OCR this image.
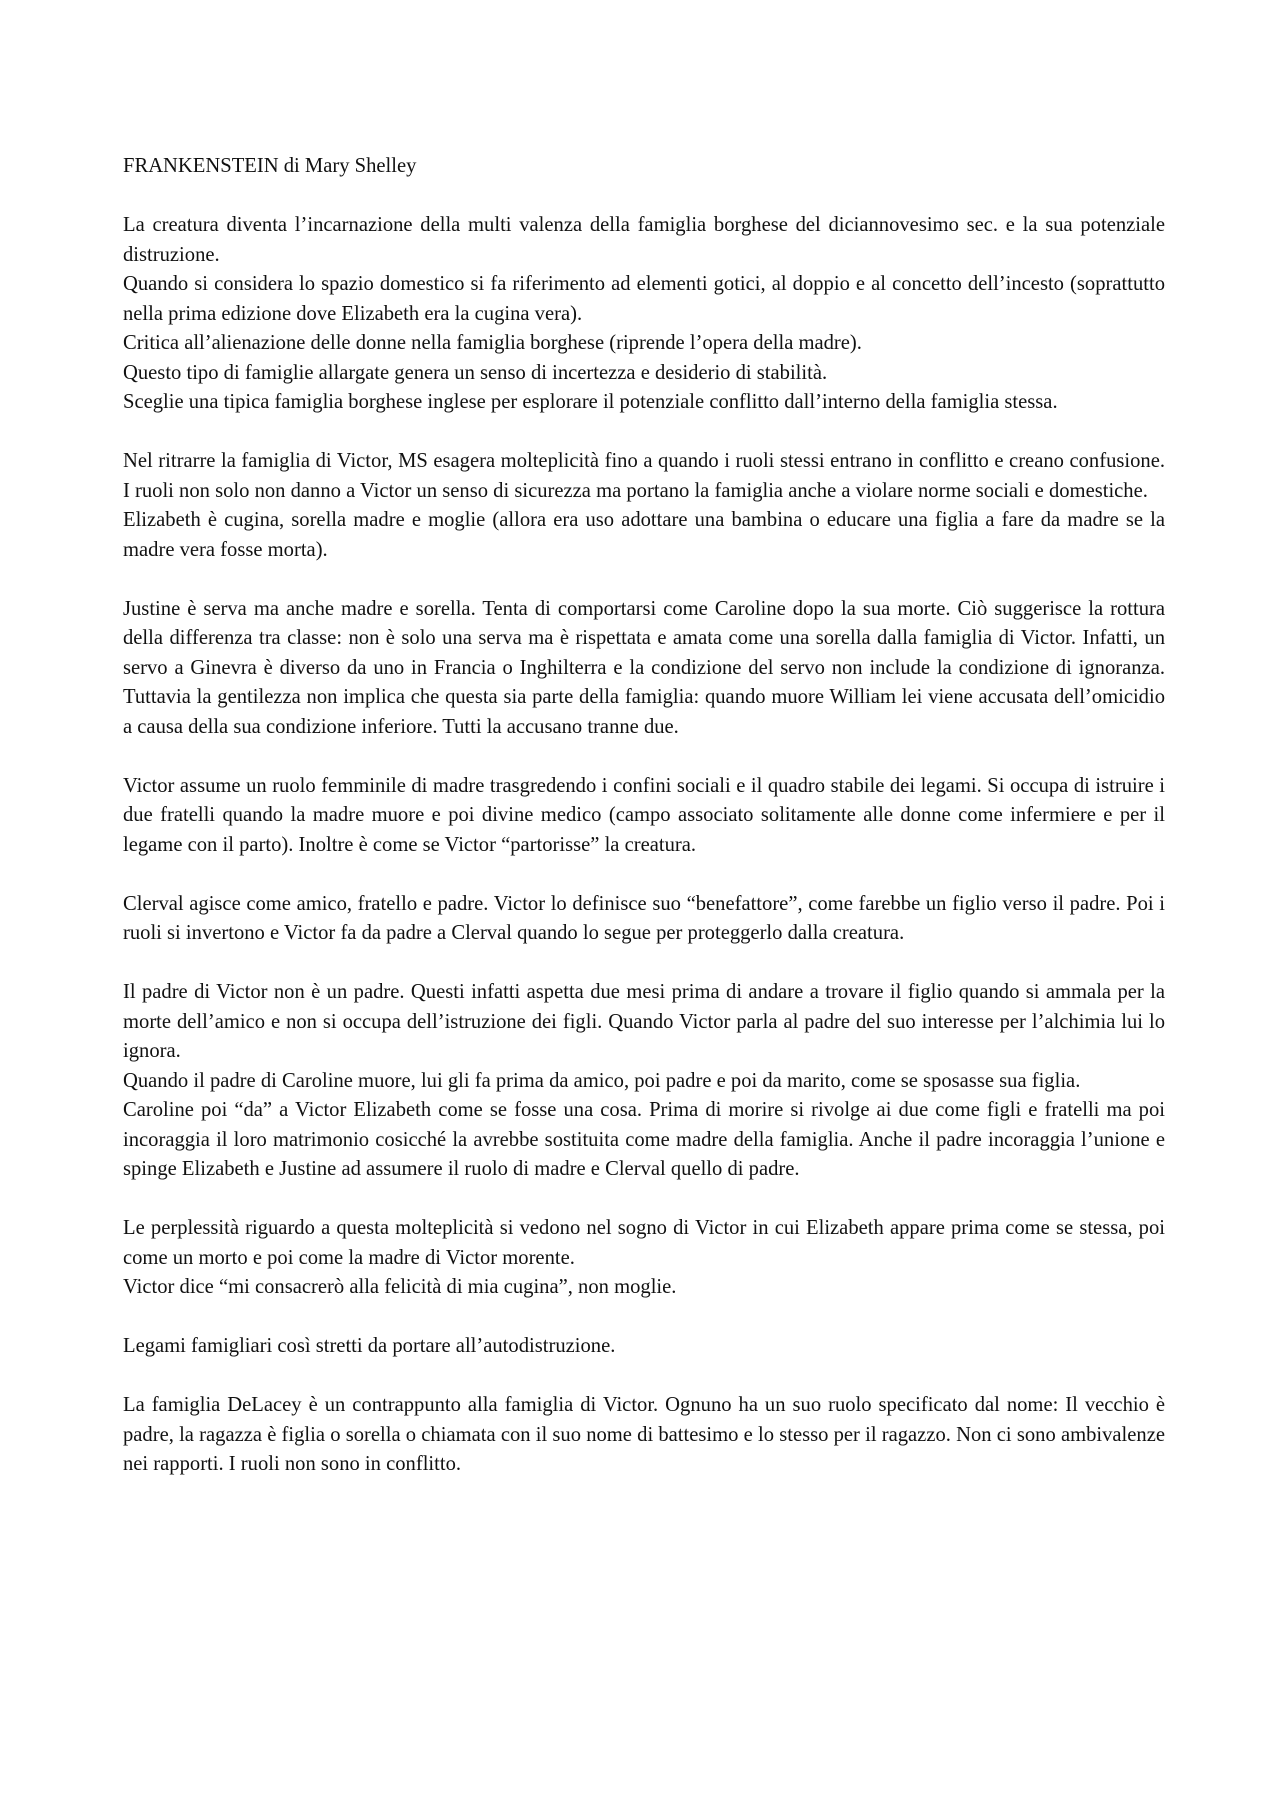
FRANKENSTEIN di Mary Shelley
La creatura diventa l’incarnazione della multi valenza della famiglia borghese del diciannovesimo sec. e la sua potenziale distruzione.
Quando si considera lo spazio domestico si fa riferimento ad elementi gotici, al doppio e al concetto dell’incesto (soprattutto nella prima edizione dove Elizabeth era la cugina vera).
Critica all’alienazione delle donne nella famiglia borghese (riprende l’opera della madre).
Questo tipo di famiglie allargate genera un senso di incertezza e desiderio di stabilità.
Sceglie una tipica famiglia borghese inglese per esplorare il potenziale conflitto dall’interno della famiglia stessa.
Nel ritrarre la famiglia di Victor, MS esagera molteplicità fino a quando i ruoli stessi entrano in conflitto e creano confusione. I ruoli non solo non danno a Victor un senso di sicurezza ma portano la famiglia anche a violare norme sociali e domestiche.
Elizabeth è cugina, sorella madre e moglie (allora era uso adottare una bambina o educare una figlia a fare da madre se la madre vera fosse morta).
Justine è serva ma anche madre e sorella. Tenta di comportarsi come Caroline dopo la sua morte. Ciò suggerisce la rottura della differenza tra classe: non è solo una serva ma è rispettata e amata come una sorella dalla famiglia di Victor. Infatti, un servo a Ginevra è diverso da uno in Francia o Inghilterra e la condizione del servo non include la condizione di ignoranza. Tuttavia la gentilezza non implica che questa sia parte della famiglia: quando muore William lei viene accusata dell’omicidio a causa della sua condizione inferiore. Tutti la accusano tranne due.
Victor assume un ruolo femminile di madre trasgredendo i confini sociali e il quadro stabile dei legami. Si occupa di istruire i due fratelli quando la madre muore e poi divine medico (campo associato solitamente alle donne come infermiere e per il legame con il parto). Inoltre è come se Victor “partorisse” la creatura.
Clerval agisce come amico, fratello e padre. Victor lo definisce suo “benefattore”, come farebbe un figlio verso il padre. Poi i ruoli si invertono e Victor fa da padre a Clerval quando lo segue per proteggerlo dalla creatura.
Il padre di Victor non è un padre. Questi infatti aspetta due mesi prima di andare a trovare il figlio quando si ammala per la morte dell’amico e non si occupa dell’istruzione dei figli. Quando Victor parla al padre del suo interesse per l’alchimia lui lo ignora.
Quando il padre di Caroline muore, lui gli fa prima da amico, poi padre e poi da marito, come se sposasse sua figlia.
Caroline poi “da” a Victor Elizabeth come se fosse una cosa. Prima di morire si rivolge ai due come figli e fratelli ma poi incoraggia il loro matrimonio cosicché la avrebbe sostituita come madre della famiglia. Anche il padre incoraggia l’unione e spinge Elizabeth e Justine ad assumere il ruolo di madre e Clerval quello di padre.
Le perplessità riguardo a questa molteplicità si vedono nel sogno di Victor in cui Elizabeth appare prima come se stessa, poi come un morto e poi come la madre di Victor morente.
Victor dice “mi consacrerò alla felicità di mia cugina”, non moglie.
Legami famigliari così stretti da portare all’autodistruzione.
La famiglia DeLacey è un contrappunto alla famiglia di Victor. Ognuno ha un suo ruolo specificato dal nome: Il vecchio è padre, la ragazza è figlia o sorella o chiamata con il suo nome di battesimo e lo stesso per il ragazzo. Non ci sono ambivalenze nei rapporti. I ruoli non sono in conflitto.
